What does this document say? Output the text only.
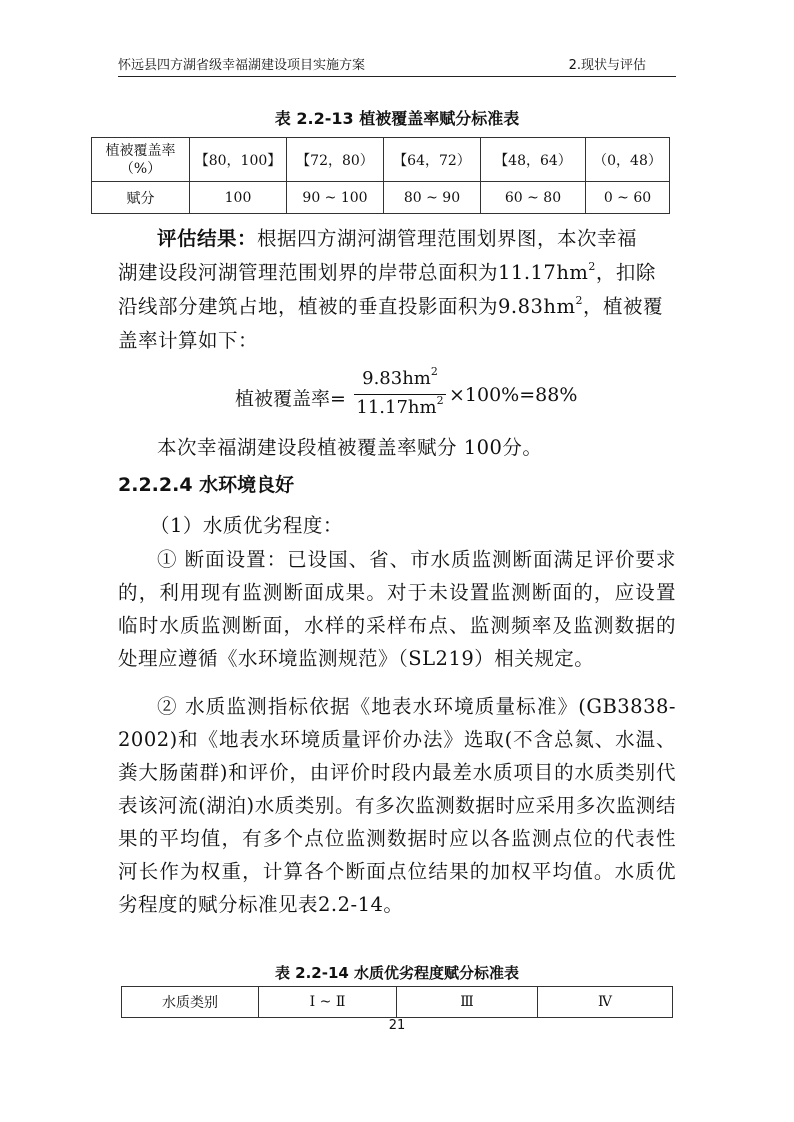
怀远县四方湖省级幸福湖建设项目实施方案	2.现状与评估
表 2.2-13 植被覆盖率赋分标准表
植被覆盖率（%）	【80，100】	【72，80）	【64，72）	【48，64）	（0，48）
赋分	100	90 ~ 100	80 ~ 90	60 ~ 80	0 ~ 60
评估结果：根据四方湖河湖管理范围划界图，本次幸福
湖建设段河湖管理范围划界的岸带总面积为$11.17hm^2$，扣除
沿线部分建筑占地，植被的垂直投影面积为$9.83hm^2$，植被覆
盖率计算如下：
植被覆盖率= $\frac{9.83hm^2}{11.17hm^2} \times 100\%=88\%$
本次幸福湖建设段植被覆盖率赋分 100分。
2.2.2.4 水环境良好
（1）水质优劣程度：
① 断面设置：已设国、省、市水质监测断面满足评价要求的，利用现有监测断面成果。对于未设置监测断面的，应设置临时水质监测断面，水样的采样布点、监测频率及监测数据的处理应遵循《水环境监测规范》（SL219）相关规定。
② 水质监测指标依据《地表水环境质量标准》(GB3838-2002)和《地表水环境质量评价办法》选取(不含总氮、水温、粪大肠菌群)和评价，由评价时段内最差水质项目的水质类别代表该河流(湖泊)水质类别。有多次监测数据时应采用多次监测结果的平均值，有多个点位监测数据时应以各监测点位的代表性河长作为权重，计算各个断面点位结果的加权平均值。水质优劣程度的赋分标准见表2.2-14。
表 2.2-14 水质优劣程度赋分标准表
水质类别	Ⅰ ~ Ⅱ	Ⅲ	Ⅳ
21
